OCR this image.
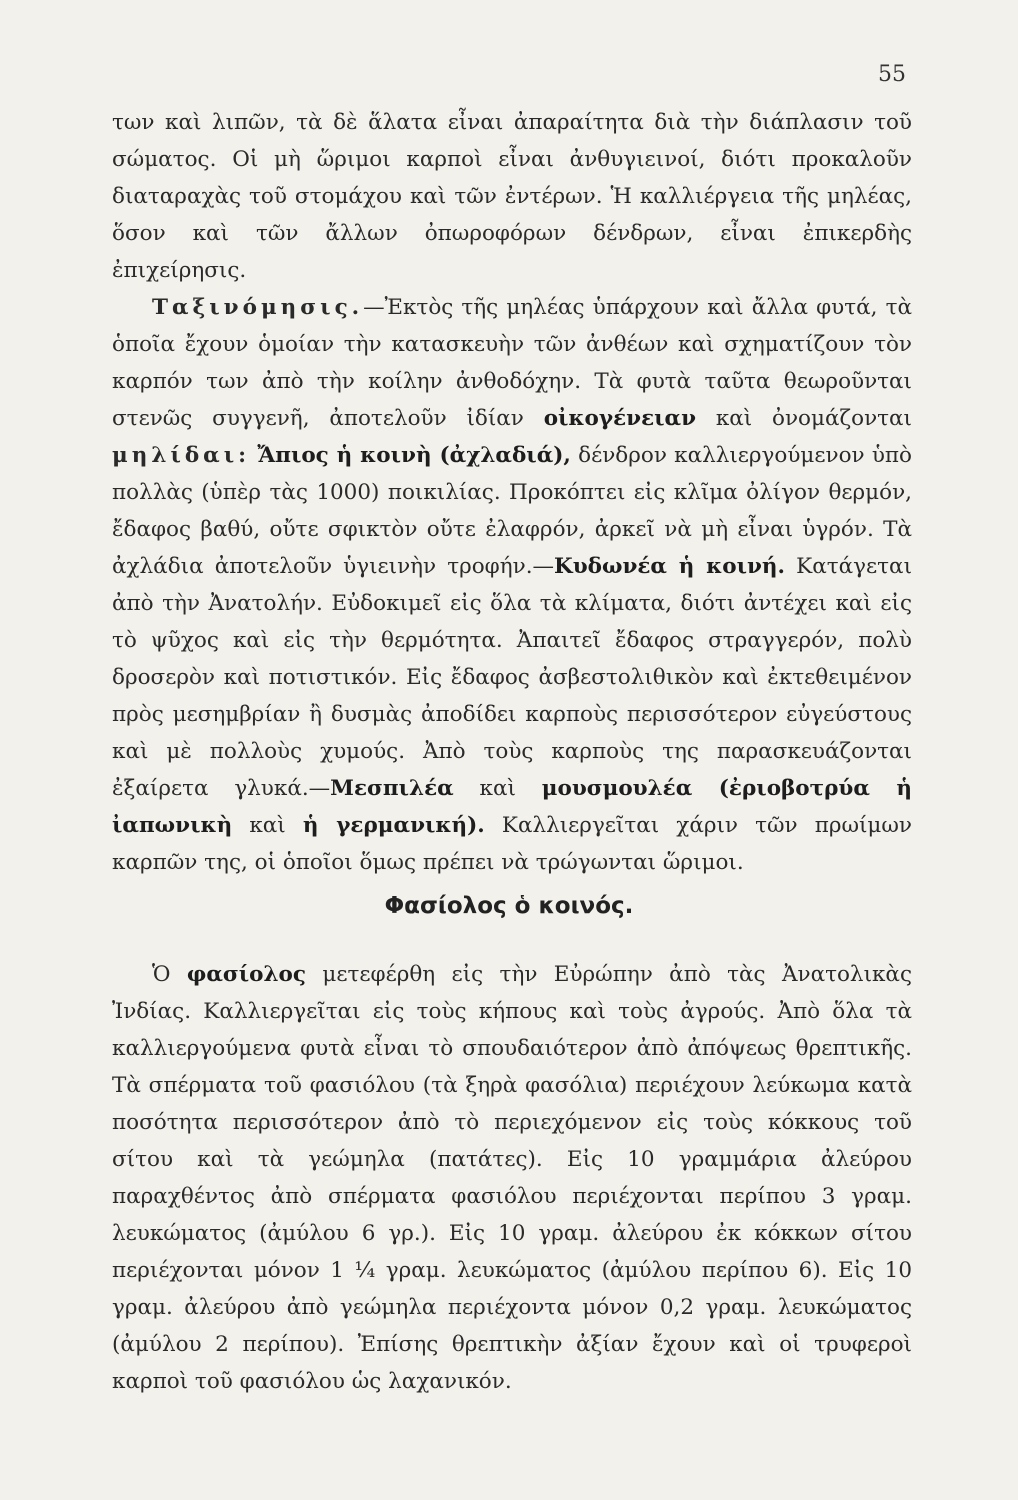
55

των καὶ λιπῶν, τὰ δὲ ἅλατα εἶναι ἀπαραίτητα διὰ τὴν διάπλασιν τοῦ σώματος. Οἱ μὴ ὥριμοι καρποὶ εἶναι ἀνθυγιεινοί, διότι προκαλοῦν διαταραχὰς τοῦ στομάχου καὶ τῶν ἐντέρων. Ἡ καλλιέργεια τῆς μηλέας, ὅσον καὶ τῶν ἄλλων ὀπωροφόρων δένδρων, εἶναι ἐπικερδὴς ἐπιχείρησις.

Ταξινόμησις.—Ἐκτὸς τῆς μηλέας ὑπάρχουν καὶ ἄλλα φυτά, τὰ ὁποῖα ἔχουν ὁμοίαν τὴν κατασκευὴν τῶν ἀνθέων καὶ σχηματίζουν τὸν καρπόν των ἀπὸ τὴν κοίλην ἀνθοδόχην. Τὰ φυτὰ ταῦτα θεωροῦνται στενῶς συγγενῆ, ἀποτελοῦν ἰδίαν οἰκογένειαν καὶ ὀνομάζονται μηλίδαι: Ἄπιος ἡ κοινὴ (ἀχλαδιά), δένδρον καλλιεργούμενον ὑπὸ πολλὰς (ὑπὲρ τὰς 1000) ποικιλίας. Προκόπτει εἰς κλῖμα ὀλίγον θερμόν, ἔδαφος βαθύ, οὔτε σφικτὸν οὔτε ἐλαφρόν, ἀρκεῖ νὰ μὴ εἶναι ὑγρόν. Τὰ ἀχλάδια ἀποτελοῦν ὑγιεινὴν τροφήν.—Κυδωνέα ἡ κοινή. Κατάγεται ἀπὸ τὴν Ἀνατολήν. Εὐδοκιμεῖ εἰς ὅλα τὰ κλίματα, διότι ἀντέχει καὶ εἰς τὸ ψῦχος καὶ εἰς τὴν θερμότητα. Ἀπαιτεῖ ἔδαφος στραγγερόν, πολὺ δροσερὸν καὶ ποτιστικόν. Εἰς ἔδαφος ἀσβεστολιθικὸν καὶ ἐκτεθειμένον πρὸς μεσημβρίαν ἢ δυσμὰς ἀποδίδει καρποὺς περισσότερον εὐγεύστους καὶ μὲ πολλοὺς χυμούς. Ἀπὸ τοὺς καρποὺς της παρασκευάζονται ἐξαίρετα γλυκά.—Μεσπιλέα καὶ μουσμουλέα (ἐριοβοτρύα ἡ ἰαπωνικὴ καὶ ἡ γερμανική). Καλλιεργεῖται χάριν τῶν πρωίμων καρπῶν της, οἱ ὁποῖοι ὅμως πρέπει νὰ τρώγωνται ὥριμοι.

Φασίολος ὁ κοινός.

Ὁ φασίολος μετεφέρθη εἰς τὴν Εὐρώπην ἀπὸ τὰς Ἀνατολικὰς Ἰνδίας. Καλλιεργεῖται εἰς τοὺς κήπους καὶ τοὺς ἀγρούς. Ἀπὸ ὅλα τὰ καλλιεργούμενα φυτὰ εἶναι τὸ σπουδαιότερον ἀπὸ ἀπόψεως θρεπτικῆς. Τὰ σπέρματα τοῦ φασιόλου (τὰ ξηρὰ φασόλια) περιέχουν λεύκωμα κατὰ ποσότητα περισσότερον ἀπὸ τὸ περιεχόμενον εἰς τοὺς κόκκους τοῦ σίτου καὶ τὰ γεώμηλα (πατάτες). Εἰς 10 γραμμάρια ἀλεύρου παραχθέντος ἀπὸ σπέρματα φασιόλου περιέχονται περίπου 3 γραμ. λευκώματος (ἀμύλου 6 γρ.). Εἰς 10 γραμ. ἀλεύρου ἐκ κόκκων σίτου περιέχονται μόνον 1 ¼ γραμ. λευκώματος (ἀμύλου περίπου 6). Εἰς 10 γραμ. ἀλεύρου ἀπὸ γεώμηλα περιέχοντα μόνον 0,2 γραμ. λευκώματος (ἀμύλου 2 περίπου). Ἐπίσης θρεπτικὴν ἀξίαν ἔχουν καὶ οἱ τρυφεροὶ καρποὶ τοῦ φασιόλου ὡς λαχανικόν.
